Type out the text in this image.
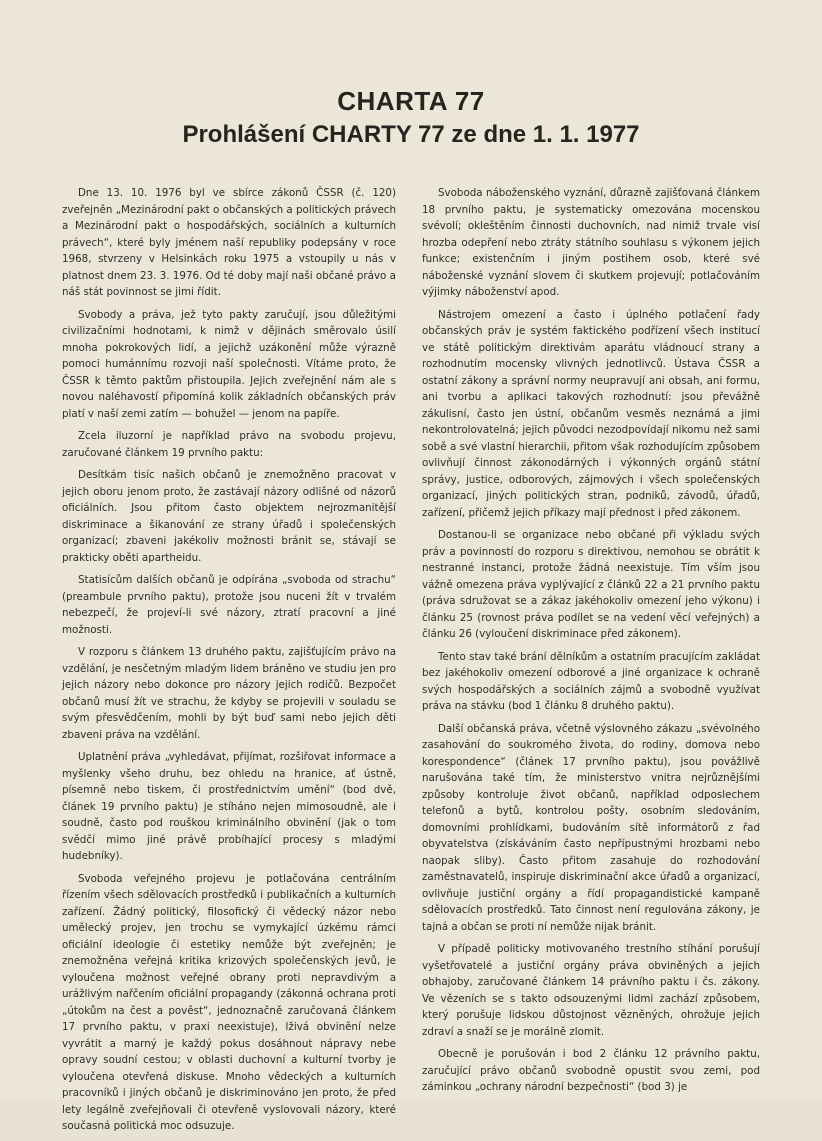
CHARTA 77
Prohlášení CHARTY 77 ze dne 1. 1. 1977

Dne 13. 10. 1976 byl ve sbírce zákonů ČSSR (č. 120) zveřejněn „Mezinárodní pakt o občanských a politických právech a Mezinárodní pakt o hospodářských, sociálních a kulturních právech“, které byly jménem naší republiky podepsány v roce 1968, stvrzeny v Helsinkách roku 1975 a vstoupily u nás v platnost dnem 23. 3. 1976. Od té doby mají naši občané právo a náš stát povinnost se jimi řídit.

Svobody a práva, jež tyto pakty zaručují, jsou důležitými civilizačními hodnotami, k nimž v dějinách směrovalo úsilí mnoha pokrokových lidí, a jejichž uzákonění může výrazně pomoci humánnímu rozvoji naší společnosti. Vítáme proto, že ČSSR k těmto paktům přistoupila. Jejich zveřejnění nám ale s novou naléhavostí připomíná kolik základních občanských práv platí v naší zemi zatím — bohužel — jenom na papíře.

Zcela iluzorní je například právo na svobodu projevu, zaručované článkem 19 prvního paktu:

Desítkám tisíc našich občanů je znemožněno pracovat v jejich oboru jenom proto, že zastávají názory odlišné od názorů oficiálních. Jsou přitom často objektem nejrozmanitější diskriminace a šikanování ze strany úřadů i společenských organizací; zbaveni jakékoliv možnosti bránit se, stávají se prakticky oběti apartheidu.

Statisícům dalších občanů je odpírána „svoboda od strachu“ (preambule prvního paktu), protože jsou nuceni žít v trvalém nebezpečí, že projeví-li své názory, ztratí pracovní a jiné možnosti.

V rozporu s článkem 13 druhého paktu, zajišťujícím právo na vzdělání, je nesčetným mladým lidem bráněno ve studiu jen pro jejich názory nebo dokonce pro názory jejich rodičů. Bezpočet občanů musí žít ve strachu, že kdyby se projevili v souladu se svým přesvědčením, mohli by být buď sami nebo jejich děti zbaveni práva na vzdělání.

Uplatnění práva „vyhledávat, přijímat, rozšiřovat informace a myšlenky všeho druhu, bez ohledu na hranice, ať ústně, písemně nebo tiskem, či prostřednictvím umění“ (bod dvě, článek 19 prvního paktu) je stíháno nejen mimosoudně, ale i soudně, často pod rouškou kriminálního obvinění (jak o tom svědčí mimo jiné právě probíhající procesy s mladými hudebníky).

Svoboda veřejného projevu je potlačována centrálním řízením všech sdělovacích prostředků i publikačních a kulturních zařízení. Žádný politický, filosofický či vědecký názor nebo umělecký projev, jen trochu se vymykající úzkému rámci oficiální ideologie či estetiky nemůže být zveřejněn; je znemožněna veřejná kritika krizových společenských jevů, je vyloučena možnost veřejné obrany proti nepravdivým a urážlivým nařčením oficiální propagandy (zákonná ochrana proti „útokům na čest a pověst“, jednoznačně zaručovaná článkem 17 prvního paktu, v praxi neexistuje), lživá obvinění nelze vyvrátit a marný je každý pokus dosáhnout nápravy nebe opravy soudní cestou; v oblasti duchovní a kulturní tvorby je vyloučena otevřená diskuse. Mnoho vědeckých a kulturních pracovníků i jiných občanů je diskriminováno jen proto, že před lety legálně zveřejňovali či otevřeně vyslovovali názory, které současná politická moc odsuzuje.

Svoboda náboženského vyznání, důrazně zajišťovaná článkem 18 prvního paktu, je systematicky omezována mocenskou svévolí; okleštěním činnosti duchovních, nad nimiž trvale visí hrozba odepření nebo ztráty státního souhlasu s výkonem jejich funkce; existenčním i jiným postihem osob, které své náboženské vyznání slovem či skutkem projevují; potlačováním výjimky náboženství apod.

Nástrojem omezení a často i úplného potlačení řady občanských práv je systém faktického podřízení všech institucí ve státě politickým direktivám aparátu vládnoucí strany a rozhodnutím mocensky vlivných jednotlivců. Ústava ČSSR a ostatní zákony a správní normy neupravují ani obsah, ani formu, ani tvorbu a aplikaci takových rozhodnutí: jsou převážně zákulisní, často jen ústní, občanům vesměs neznámá a jimi nekontrolovatelná; jejich původci nezodpovídají nikomu než sami sobě a své vlastní hierarchii, přitom však rozhodujícím způsobem ovlivňují činnost zákonodárných i výkonných orgánů státní správy, justice, odborových, zájmových i všech společenských organizací, jiných politických stran, podniků, závodů, úřadů, zařízení, přičemž jejich příkazy mají přednost i před zákonem.

Dostanou-li se organizace nebo občané při výkladu svých práv a povinností do rozporu s direktivou, nemohou se obrátit k nestranné instanci, protože žádná neexistuje. Tím vším jsou vážně omezena práva vyplývající z článků 22 a 21 prvního paktu (práva sdružovat se a zákaz jakéhokoliv omezení jeho výkonu) i článku 25 (rovnost práva podílet se na vedení věcí veřejných) a článku 26 (vyloučení diskriminace před zákonem).

Tento stav také brání dělníkům a ostatním pracujícím zakládat bez jakéhokoliv omezení odborové a jiné organizace k ochraně svých hospodářských a sociálních zájmů a svobodně využívat práva na stávku (bod 1 článku 8 druhého paktu).

Další občanská práva, včetně výslovného zákazu „svévolného zasahování do soukromého života, do rodiny, domova nebo korespondence“ (článek 17 prvního paktu), jsou povážlivě narušována také tím, že ministerstvo vnitra nejrůznějšími způsoby kontroluje život občanů, například odposlechem telefonů a bytů, kontrolou pošty, osobním sledováním, domovními prohlídkami, budováním sítě informátorů z řad obyvatelstva (získáváním často nepřípustnými hrozbami nebo naopak sliby). Často přitom zasahuje do rozhodování zaměstnavatelů, inspiruje diskriminační akce úřadů a organizací, ovlivňuje justiční orgány a řídí propagandistické kampaně sdělovacích prostředků. Tato činnost není regulována zákony, je tajná a občan se proti ní nemůže nijak bránit.

V případě politicky motivovaného trestního stíhání porušují vyšetřovatelé a justiční orgány práva obviněných a jejich obhajoby, zaručované článkem 14 právního paktu i čs. zákony. Ve vězeních se s takto odsouzenými lidmi zachází způsobem, který porušuje lidskou důstojnost vězněných, ohrožuje jejich zdraví a snaží se je morálně zlomit.

Obecně je porušován i bod 2 článku 12 právního paktu, zaručující právo občanů svobodně opustit svou zemi, pod záminkou „ochrany národní bezpečnosti“ (bod 3) je
